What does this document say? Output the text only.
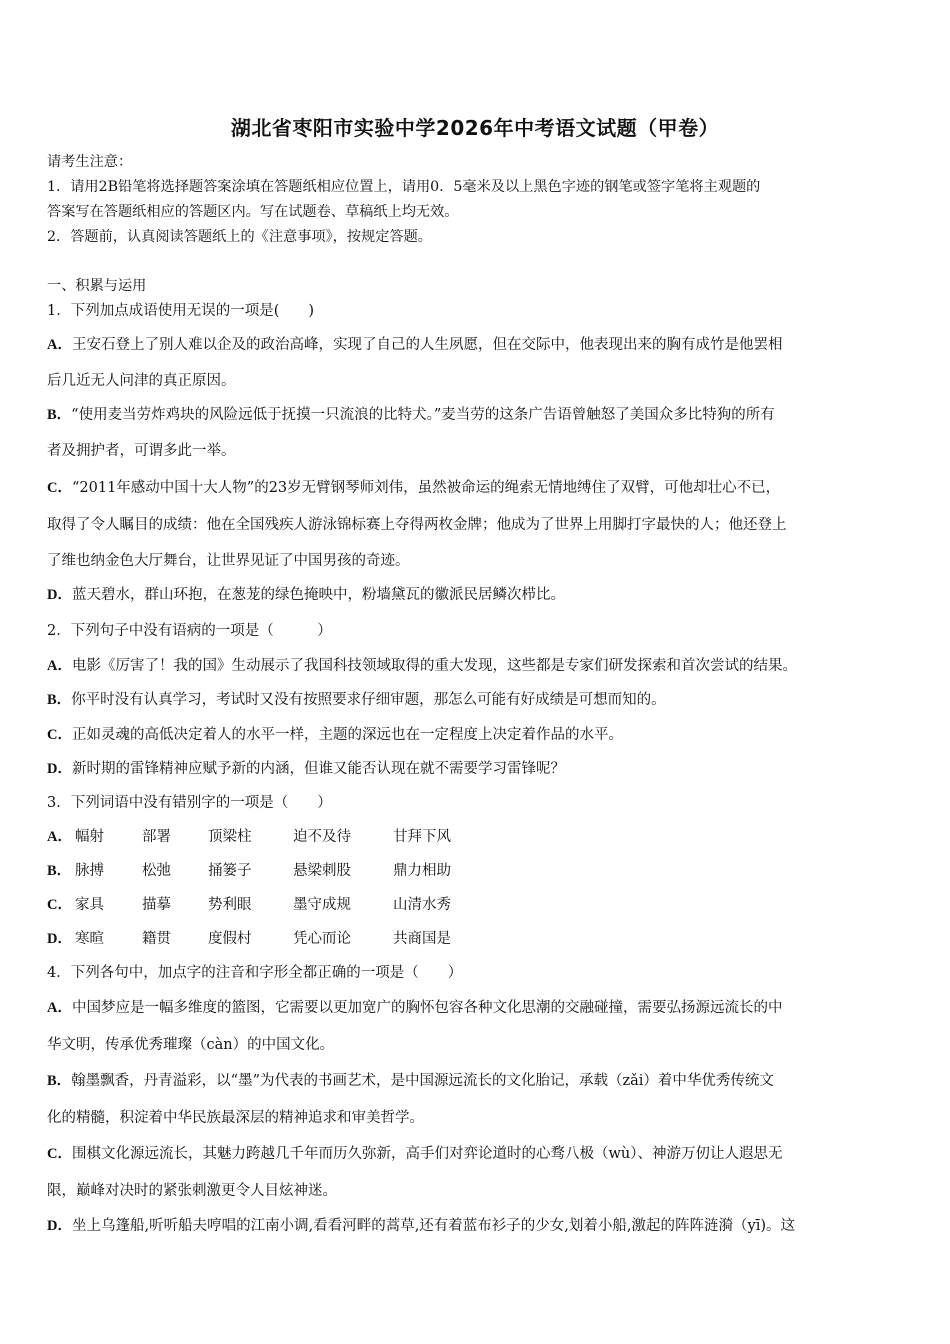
湖北省枣阳市实验中学2026年中考语文试题（甲卷）
请考生注意：
1．请用2B铅笔将选择题答案涂填在答题纸相应位置上，请用0．5毫米及以上黑色字迹的钢笔或签字笔将主观题的
答案写在答题纸相应的答题区内。写在试题卷、草稿纸上均无效。
2．答题前，认真阅读答题纸上的《注意事项》，按规定答题。
一、积累与运用
1．下列加点成语使用无误的一项是(　　)
A．王安石登上了别人难以企及的政治高峰，实现了自己的人生夙愿，但在交际中，他表现出来的胸有成竹是他罢相
后几近无人问津的真正原因。
B．“使用麦当劳炸鸡块的风险远低于抚摸一只流浪的比特犬。”麦当劳的这条广告语曾触怒了美国众多比特狗的所有
者及拥护者，可谓多此一举。
C．“2011年感动中国十大人物”的23岁无臂钢琴师刘伟，虽然被命运的绳索无情地缚住了双臂，可他却壮心不已，
取得了令人瞩目的成绩：他在全国残疾人游泳锦标赛上夺得两枚金牌；他成为了世界上用脚打字最快的人；他还登上
了维也纳金色大厅舞台，让世界见证了中国男孩的奇迹。
D．蓝天碧水，群山环抱，在葱茏的绿色掩映中，粉墙黛瓦的徽派民居鳞次栉比。
2．下列句子中没有语病的一项是（　　　）
A．电影《厉害了！我的国》生动展示了我国科技领域取得的重大发现，这些都是专家们研发探索和首次尝试的结果。
B．你平时没有认真学习，考试时又没有按照要求仔细审题，那怎么可能有好成绩是可想而知的。
C．正如灵魂的高低决定着人的水平一样，主题的深远也在一定程度上决定着作品的水平。
D．新时期的雷锋精神应赋予新的内涵，但谁又能否认现在就不需要学习雷锋呢？
3．下列词语中没有错别字的一项是（　　）
A． 幅射	部署	顶梁柱	迫不及待	甘拜下风
B． 脉搏	松弛	捅篓子	悬梁刺股	鼎力相助
C． 家具	描摹	势利眼	墨守成规	山清水秀
D． 寒暄	籍贯	度假村	凭心而论	共商国是
4．下列各句中，加点字的注音和字形全都正确的一项是（　　）
A．中国梦应是一幅多维度的篮图，它需要以更加宽广的胸怀包容各种文化思潮的交融碰撞，需要弘扬源远流长的中
华文明，传承优秀璀璨（càn）的中国文化。
B．翰墨飘香，丹青溢彩，以“墨”为代表的书画艺术，是中国源远流长的文化胎记，承载（zǎi）着中华优秀传统文
化的精髓，积淀着中华民族最深层的精神追求和审美哲学。
C．围棋文化源远流长，其魅力跨越几千年而历久弥新，高手们对弈论道时的心骛八极（wù）、神游万仞让人遐思无
限，巅峰对决时的紧张刺激更令人目炫神迷。
D．坐上乌篷船,听听船夫哼唱的江南小调,看看河畔的蒿草,还有着蓝布衫子的少女,划着小船,激起的阵阵涟漪（yī)。这
